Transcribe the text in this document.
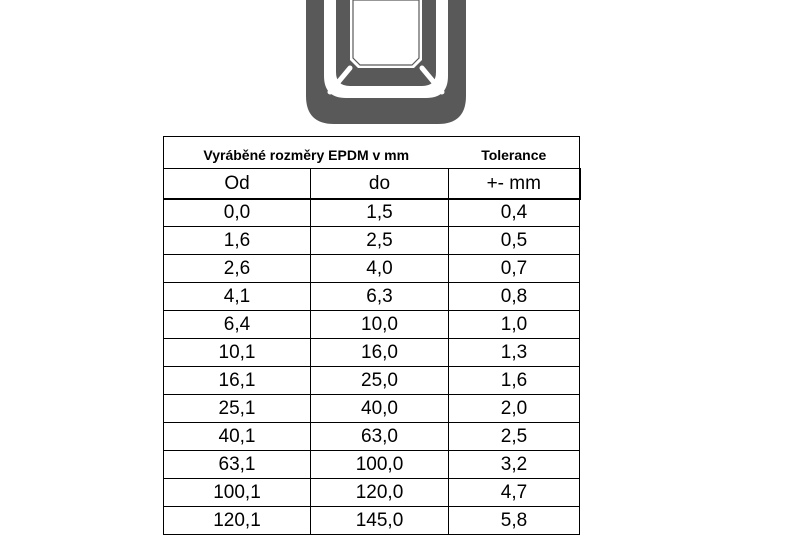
Vyráběné rozměry EPDM v mm		Tolerance
Od	do	+- mm
0,0	1,5	0,4
1,6	2,5	0,5
2,6	4,0	0,7
4,1	6,3	0,8
6,4	10,0	1,0
10,1	16,0	1,3
16,1	25,0	1,6
25,1	40,0	2,0
40,1	63,0	2,5
63,1	100,0	3,2
100,1	120,0	4,7
120,1	145,0	5,8
